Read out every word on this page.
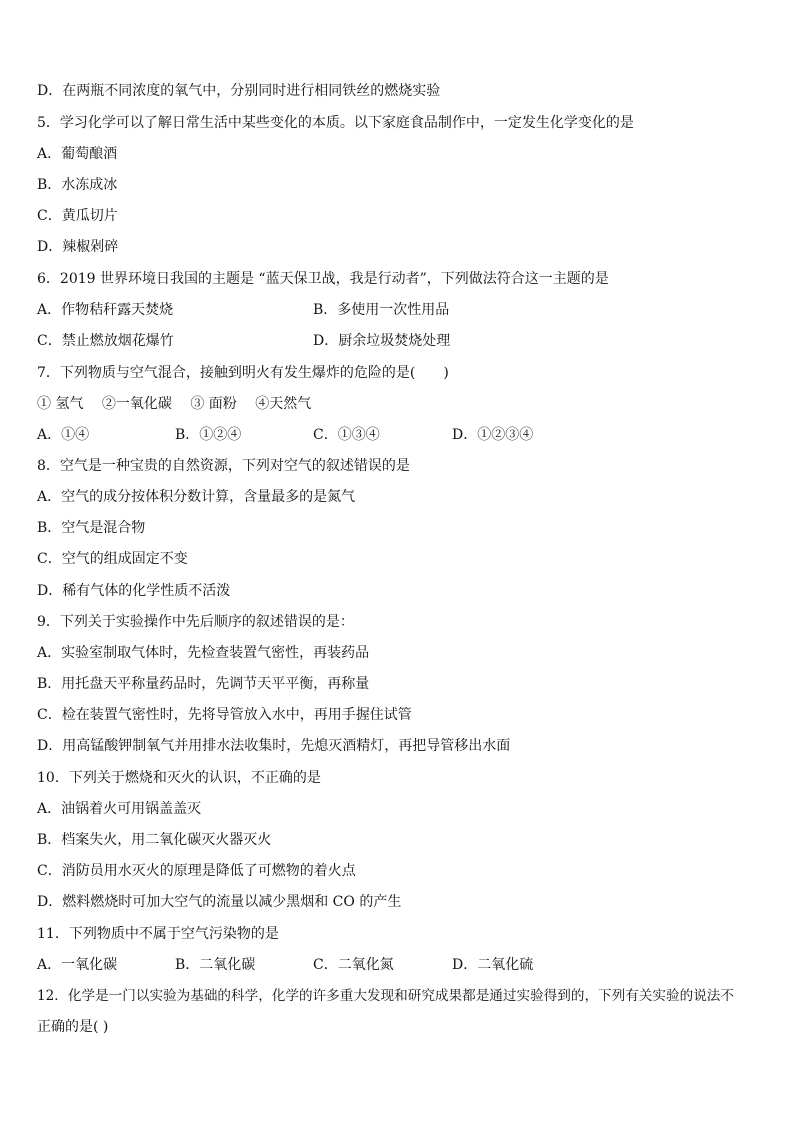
D．在两瓶不同浓度的氧气中，分别同时进行相同铁丝的燃烧实验
5．学习化学可以了解日常生活中某些变化的本质。以下家庭食品制作中，一定发生化学变化的是
A．葡萄酿酒
B．水冻成冰
C．黄瓜切片
D．辣椒剁碎
6．2019 世界环境日我国的主题是 “蓝天保卫战，我是行动者”，下列做法符合这一主题的是
A．作物秸秆露天焚烧	B．多使用一次性用品
C．禁止燃放烟花爆竹	D．厨余垃圾焚烧处理
7．下列物质与空气混合，接触到明火有发生爆炸的危险的是(　　)
① 氢气 　②一氧化碳　 ③ 面粉　 ④天然气
A．①④	B．①②④	C．①③④	D．①②③④
8．空气是一种宝贵的自然资源，下列对空气的叙述错误的是
A．空气的成分按体积分数计算，含量最多的是氮气
B．空气是混合物
C．空气的组成固定不变
D．稀有气体的化学性质不活泼
9．下列关于实验操作中先后顺序的叙述错误的是：
A．实验室制取气体时，先检查装置气密性，再装药品
B．用托盘天平称量药品时，先调节天平平衡，再称量
C．检在装置气密性时，先将导管放入水中，再用手握住试管
D．用高锰酸钾制氧气并用排水法收集时，先熄灭酒精灯，再把导管移出水面
10．下列关于燃烧和灭火的认识，不正确的是
A．油锅着火可用锅盖盖灭
B．档案失火，用二氧化碳灭火器灭火
C．消防员用水灭火的原理是降低了可燃物的着火点
D．燃料燃烧时可加大空气的流量以减少黑烟和 CO 的产生
11．下列物质中不属于空气污染物的是
A．一氧化碳	B．二氧化碳	C．二氧化氮	D．二氧化硫
12．化学是一门以实验为基础的科学，化学的许多重大发现和研究成果都是通过实验得到的，下列有关实验的说法不
正确的是( )
